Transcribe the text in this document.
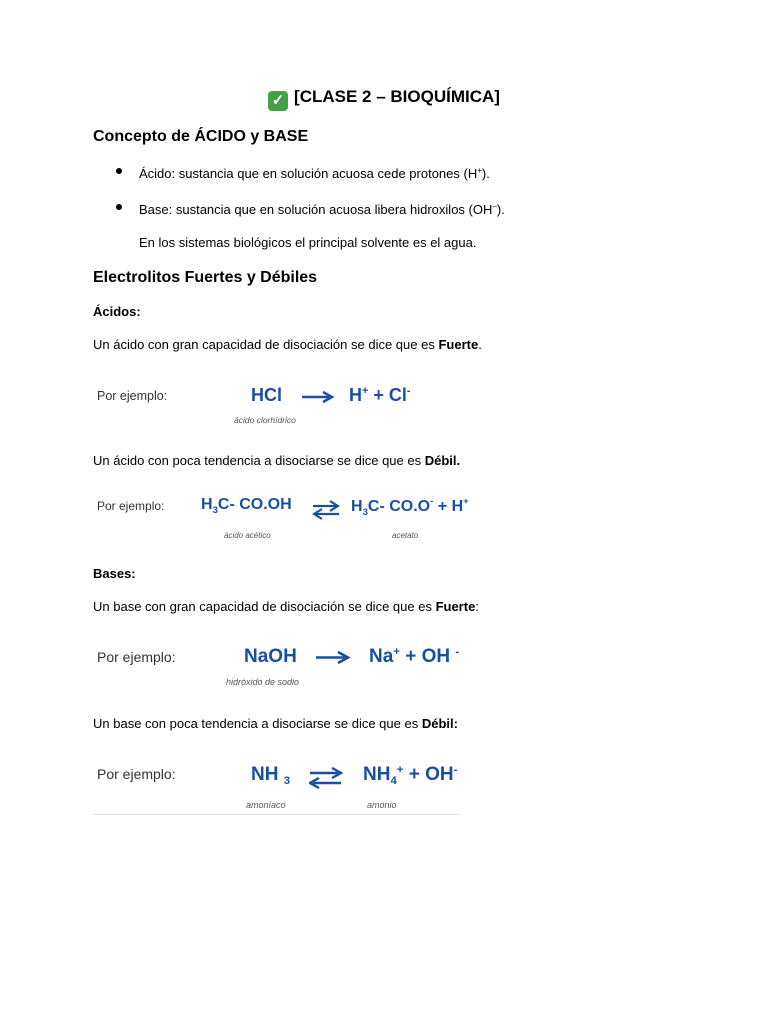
✓ [CLASE 2 – BIOQUÍMICA]
Concepto de ÁCIDO y BASE
Ácido: sustancia que en solución acuosa cede protones (H+).
Base: sustancia que en solución acuosa libera hidroxilos (OH–).
En los sistemas biológicos el principal solvente es el agua.
Electrolitos Fuertes y Débiles
Ácidos:
Un ácido con gran capacidad de disociación se dice que es Fuerte.
Por ejemplo:	HCl	H+ + Cl-
ácido clorhídrico
Un ácido con poca tendencia a disociarse se dice que es Débil.
Por ejemplo: $H_3C-$ CO.OH ⇌ $H_3C-$ CO.O- + H+
ácido acético	acetato
Bases:
Un base con gran capacidad de disociación se dice que es Fuerte:
Por ejemplo:	NaOH	Na+ + OH -
hidróxido de sodio
Un base con poca tendencia a disociarse se dice que es Débil:
Por ejemplo:	NH $_3$ ⇌ $NH_4^+ + OH^-$
amoníaco	amonio
